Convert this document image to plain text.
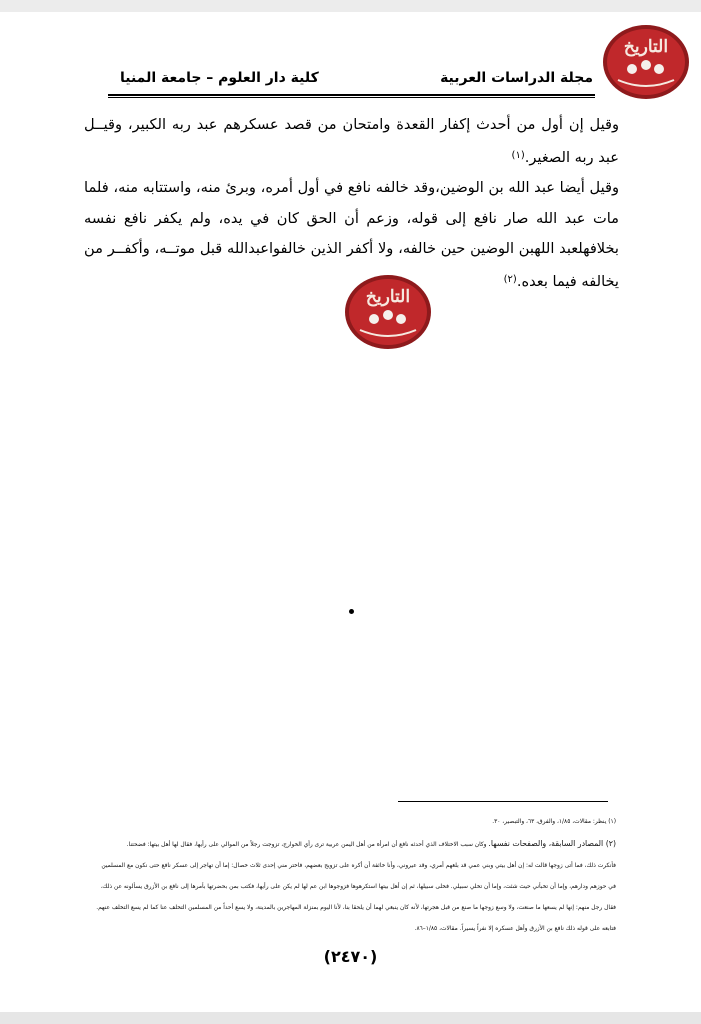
التاريخ
مجلة الدراسات العربية
كلية دار العلوم – جامعة المنيا

وقيل إن أول من أحدث إكفار القعدة وامتحان من قصد عسكرهم عبد ربه الكبير، وقيــل عبد ربه الصغير.$^{(١)}$

وقيل أيضا عبد الله بن الوضين،وقد خالفه نافع في أول أمره، وبرئ منه، واستتابه منه، فلما مات عبد الله صار نافع إلى قوله، وزعم أن الحق كان في يده، ولم يكفر نافع نفسه بخلافهلعبد اللهبن الوضين حين خالفه، ولا أكفر الذين خالفواعبدالله قبل موتــه، وأكفــر من يخالفه فيما بعده.$^{(٢)}$

التاريخ

(١) ينظر: مقالات، ١/٨٥، والفرق، ٦٣، والتبصير، ٣٠.

(٢) المصادر السابقة، والصفحات نفسها. وكان سبب الاختلاف الذي أحدثه نافع أن امرأة من أهل اليمن عربية ترى رأي الخوارج، تزوجت رجلاً من الموالي على رأيها، فقال لها أهل بيتها: فضحتنا.

فأنكرت ذلك، فما أتى زوجها قالت له: إن أهل بيتي وبني عمي قد بلغهم أمري، وقد عيروني، وأنا خائفة أن أكره على تزويج بعضهم، فاختر مني إحدى ثلاث خصال: إما أن تهاجر إلى عسكر نافع حتى نكون مع المسلمين

في حوزهم ودارهم، وإما أن تخبأني حيث شئت، وإما أن تخلي سبيلي. فخلى سبيلها، ثم إن أهل بيتها استكرهوها فزوجوها ابن عم لها لم يكن على رأيها، فكتب بمن بحضرتها بأمرها إلى نافع بن الأزرق يسألونه عن ذلك،

فقال رجل منهم: إنها لم يسعها ما صنعت، ولا وسع زوجها ما صنع من قبل هجرتها، لأنه كان ينبغي لهما أن يلحقا بنا، لأنا اليوم بمنزلة المهاجرين بالمدينة، ولا يسع أحداً من المسلمين التخلف عنا كما لم يسع التخلف عنهم.

فتابعه على قوله ذلك نافع بن الأزرق وأهل عسكره إلا نفراً يسيراً. مقالات، ١/٨٥–٨٦.

(٢٤٧٠)
